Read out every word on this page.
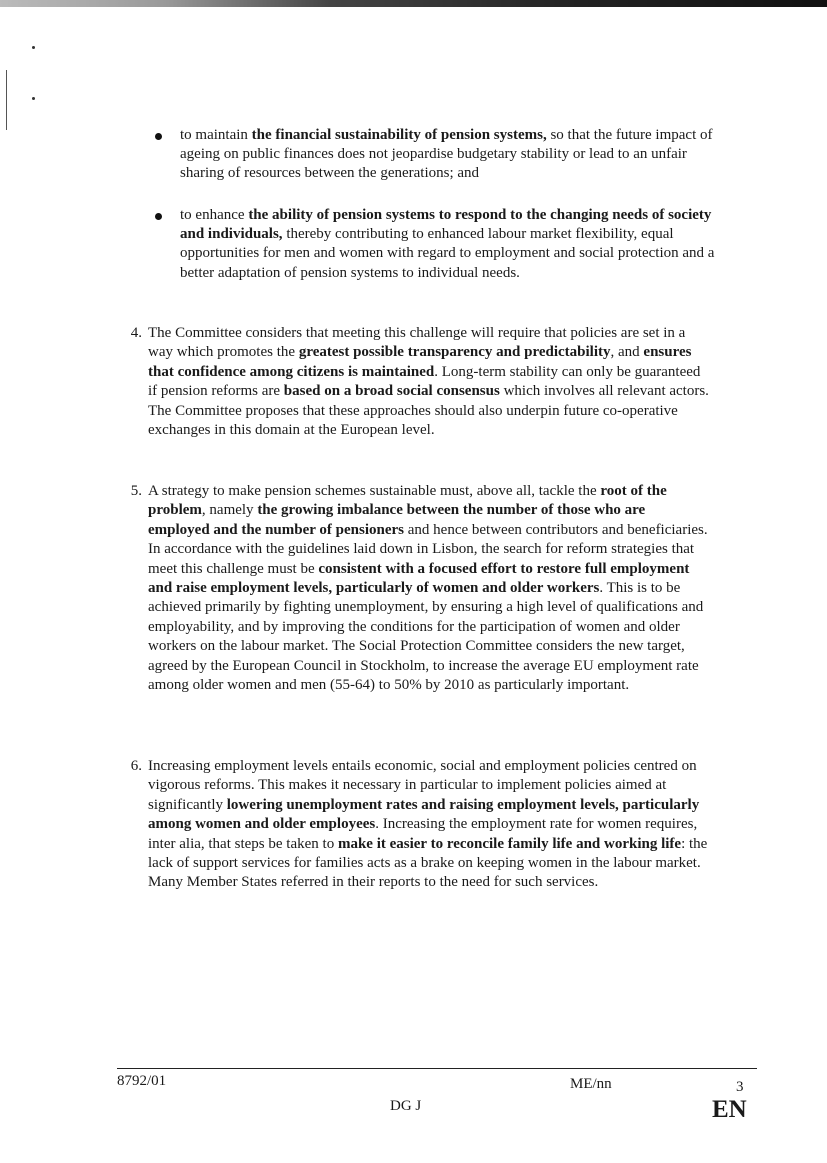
to maintain the financial sustainability of pension systems, so that the future impact of ageing on public finances does not jeopardise budgetary stability or lead to an unfair sharing of resources between the generations; and
to enhance the ability of pension systems to respond to the changing needs of society and individuals, thereby contributing to enhanced labour market flexibility, equal opportunities for men and women with regard to employment and social protection and a better adaptation of pension systems to individual needs.
4. The Committee considers that meeting this challenge will require that policies are set in a way which promotes the greatest possible transparency and predictability, and ensures that confidence among citizens is maintained. Long-term stability can only be guaranteed if pension reforms are based on a broad social consensus which involves all relevant actors. The Committee proposes that these approaches should also underpin future co-operative exchanges in this domain at the European level.
5. A strategy to make pension schemes sustainable must, above all, tackle the root of the problem, namely the growing imbalance between the number of those who are employed and the number of pensioners and hence between contributors and beneficiaries. In accordance with the guidelines laid down in Lisbon, the search for reform strategies that meet this challenge must be consistent with a focused effort to restore full employment and raise employment levels, particularly of women and older workers. This is to be achieved primarily by fighting unemployment, by ensuring a high level of qualifications and employability, and by improving the conditions for the participation of women and older workers on the labour market. The Social Protection Committee considers the new target, agreed by the European Council in Stockholm, to increase the average EU employment rate among older women and men (55-64) to 50% by 2010 as particularly important.
6. Increasing employment levels entails economic, social and employment policies centred on vigorous reforms. This makes it necessary in particular to implement policies aimed at significantly lowering unemployment rates and raising employment levels, particularly among women and older employees. Increasing the employment rate for women requires, inter alia, that steps be taken to make it easier to reconcile family life and working life: the lack of support services for families acts as a brake on keeping women in the labour market. Many Member States referred in their reports to the need for such services.
8792/01	ME/nn	3
DG J	EN
